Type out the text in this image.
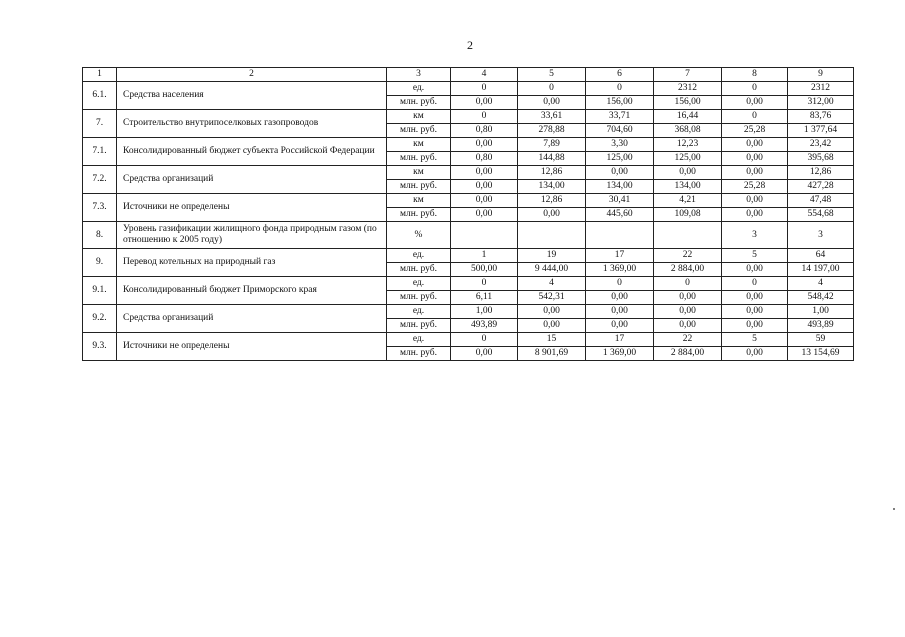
2
1	2	3	4	5	6	7	8	9
6.1.	Средства населения	ед.	0	0	0	2312	0	2312
		млн. руб.	0,00	0,00	156,00	156,00	0,00	312,00
7.	Строительство внутрипоселковых газопроводов	км	0	33,61	33,71	16,44	0	83,76
		млн. руб.	0,80	278,88	704,60	368,08	25,28	1 377,64
7.1.	Консолидированный бюджет субъекта Российской Федерации	км	0,00	7,89	3,30	12,23	0,00	23,42
		млн. руб.	0,80	144,88	125,00	125,00	0,00	395,68
7.2.	Средства организаций	км	0,00	12,86	0,00	0,00	0,00	12,86
		млн. руб.	0,00	134,00	134,00	134,00	25,28	427,28
7.3.	Источники не определены	км	0,00	12,86	30,41	4,21	0,00	47,48
		млн. руб.	0,00	0,00	445,60	109,08	0,00	554,68
8.	Уровень газификации жилищного фонда природным газом (по отношению к 2005 году)	%					3	3
9.	Перевод котельных на природный газ	ед.	1	19	17	22	5	64
		млн. руб.	500,00	9 444,00	1 369,00	2 884,00	0,00	14 197,00
9.1.	Консолидированный бюджет Приморского края	ед.	0	4	0	0	0	4
		млн. руб.	6,11	542,31	0,00	0,00	0,00	548,42
9.2.	Средства организаций	ед.	1,00	0,00	0,00	0,00	0,00	1,00
		млн. руб.	493,89	0,00	0,00	0,00	0,00	493,89
9.3.	Источники не определены	ед.	0	15	17	22	5	59
		млн. руб.	0,00	8 901,69	1 369,00	2 884,00	0,00	13 154,69
